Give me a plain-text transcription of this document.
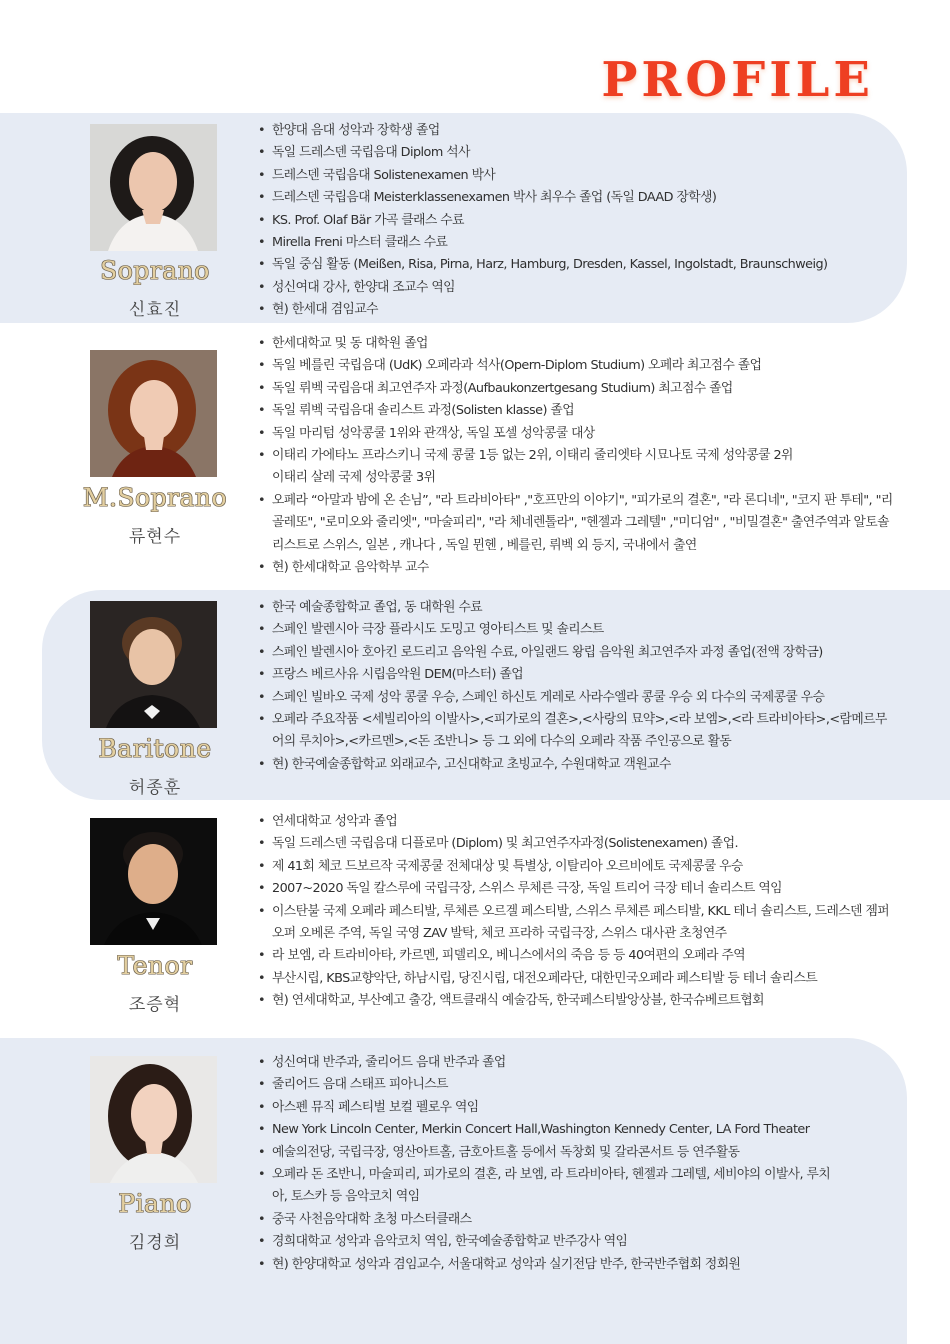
PROFILE
Soprano
신효진
• 한양대 음대 성악과 장학생 졸업
• 독일 드레스덴 국립음대 Diplom 석사
• 드레스덴 국립음대 Solistenexamen 박사
• 드레스덴 국립음대 Meisterklassenexamen 박사 최우수 졸업 (독일 DAAD 장학생)
• KS. Prof. Olaf Bär 가곡 클래스 수료
• Mirella Freni 마스터 클래스 수료
• 독일 중심 활동 (Meißen, Risa, Pirna, Harz, Hamburg, Dresden, Kassel, Ingolstadt, Braunschweig)
• 성신여대 강사, 한양대 조교수 역임
• 현) 한세대 겸임교수
M.Soprano
류현수
• 한세대학교 및 동 대학원 졸업
• 독일 베를린 국립음대 (UdK) 오페라과 석사(Opern-Diplom Studium) 오페라 최고점수 졸업
• 독일 뤼벡 국립음대 최고연주자 과정(Aufbaukonzertgesang Studium) 최고점수 졸업
• 독일 뤼벡 국립음대 솔리스트 과정(Solisten klasse) 졸업
• 독일 마리텀 성악콩쿨 1위와 관객상, 독일 포셀 성악콩쿨 대상
• 이태리 가에타노 프라스키니 국제 콩쿨 1등 없는 2위, 이태리 줄리엣타 시묘나토 국제 성악콩쿨 2위 이태리 살레 국제 성악콩쿨 3위
• 오페라 “아말과 밤에 온 손님”, "라 트라비아타" ,"호프만의 이야기", "피가로의 결혼", "라 론디네", "코지 판 투테", "리골레또", "로미오와 줄리엣", "마술피리", "라 체네렌톨라", "헨젤과 그레텔" ,"미디엄" , "비밀결혼" 출연주역과 알토솔리스트로 스위스, 일본 , 캐나다 , 독일 뮌헨 , 베를린, 뤼벡 외 등지, 국내에서 출연
• 현) 한세대학교 음악학부 교수
Baritone
허종훈
• 한국 예술종합학교 졸업, 동 대학원 수료
• 스페인 발렌시아 극장 플라시도 도밍고 영아티스트 및 솔리스트
• 스페인 발렌시아 호아킨 로드리고 음악원 수료, 아일랜드 왕립 음악원 최고연주자 과정 졸업(전액 장학금)
• 프랑스 베르사유 시립음악원 DEM(마스터) 졸업
• 스페인 빌바오 국제 성악 콩쿨 우승, 스페인 하신토 게레로 사라수엘라 콩쿨 우승 외 다수의 국제콩쿨 우승
• 오페라 주요작품 <세빌리아의 이발사>,<피가로의 결혼>,<사랑의 묘약>,<라 보엠>,<라 트라비아타>,<람메르무어의 루치아>,<카르멘>,<돈 조반니> 등 그 외에 다수의 오페라 작품 주인공으로 활동
• 현) 한국예술종합학교 외래교수, 고신대학교 초빙교수, 수원대학교 객원교수
Tenor
조증혁
• 연세대학교 성악과 졸업
• 독일 드레스덴 국립음대 디플로마 (Diplom) 및 최고연주자과정(Solistenexamen) 졸업.
• 제 41회 체코 드보르작 국제콩쿨 전체대상 및 특별상, 이탈리아 오르비에토 국제콩쿨 우승
• 2007~2020 독일 칼스루에 국립극장, 스위스 루체른 극장, 독일 트리어 극장 테너 솔리스트 역임
• 이스탄불 국제 오페라 페스티발, 루체른 오르겔 페스티발, 스위스 루체른 페스티발, KKL 테너 솔리스트, 드레스덴 젬퍼오퍼 오베론 주역, 독일 국영 ZAV 발탁, 체코 프라하 국립극장, 스위스 대사관 초청연주
• 라 보엠, 라 트라비아타, 카르멘, 피델리오, 베니스에서의 죽음 등 등 40여편의 오페라 주역
• 부산시립, KBS교향악단, 하남시립, 당진시립, 대전오페라단, 대한민국오페라 페스티발 등 테너 솔리스트
• 현) 연세대학교, 부산예고 출강, 액트클래식 예술감독, 한국페스티발앙상블, 한국슈베르트협회
Piano
김경희
• 성신여대 반주과, 줄리어드 음대 반주과 졸업
• 줄리어드 음대 스태프 피아니스트
• 아스펜 뮤직 페스티벌 보컬 펠로우 역임
• New York Lincoln Center, Merkin Concert Hall,Washington Kennedy Center, LA Ford Theater
• 예술의전당, 국립극장, 영산아트홀, 금호아트홀 등에서 독창회 및 갈라콘서트 등 연주활동
• 오페라 돈 조반니, 마술피리, 피가로의 결혼, 라 보엠, 라 트라비아타, 헨젤과 그레텔, 세비야의 이발사, 루치아, 토스카 등 음악코치 역임
• 중국 사천음악대학 초청 마스터클래스
• 경희대학교 성악과 음악코치 역임, 한국예술종합학교 반주강사 역임
• 현) 한양대학교 성악과 겸임교수, 서울대학교 성악과 실기전담 반주, 한국반주협회 정회원
